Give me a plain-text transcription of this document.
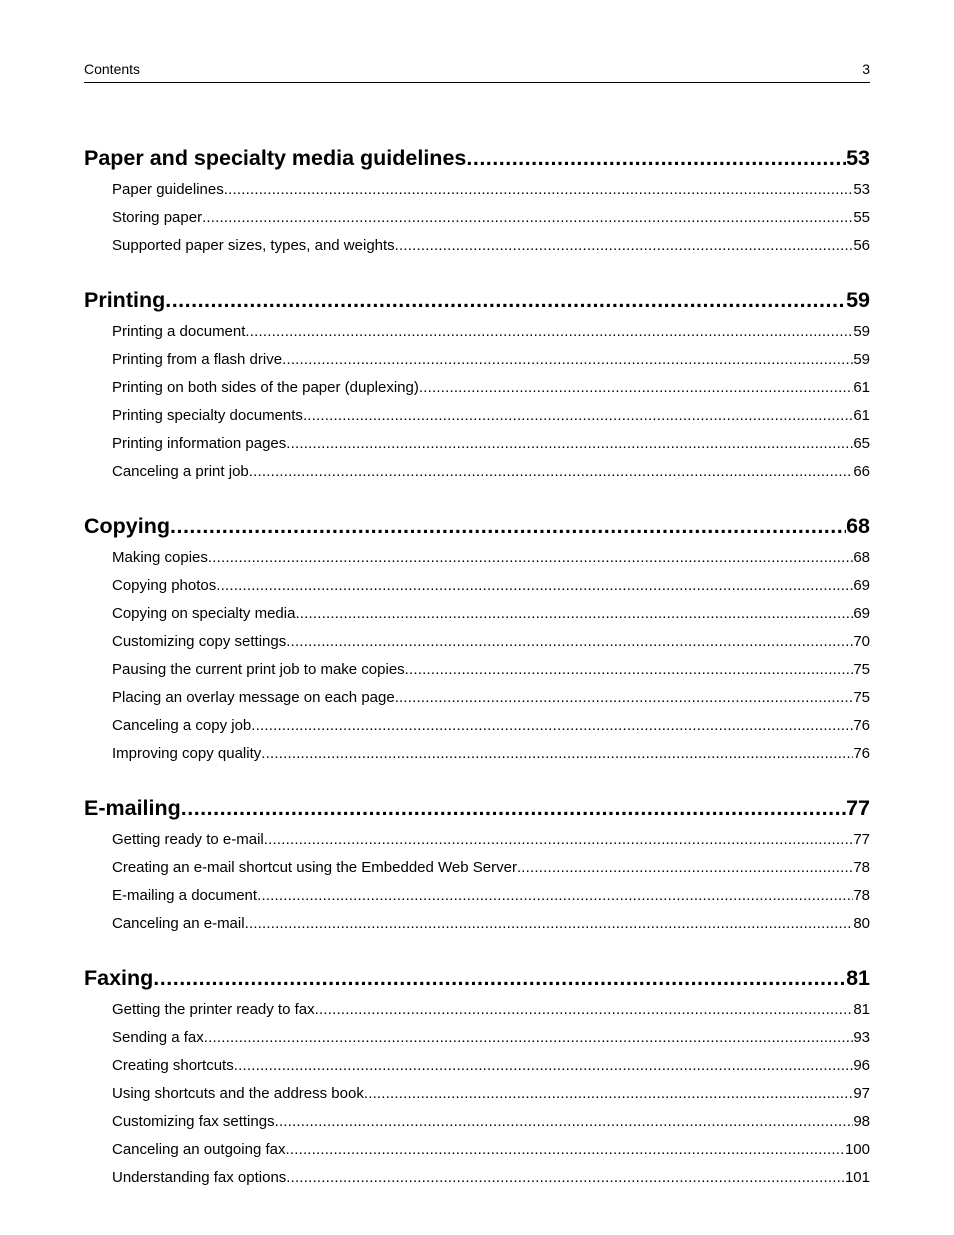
Contents	3
Paper and specialty media guidelines .....	53
Paper guidelines .....	53
Storing paper .....	55
Supported paper sizes, types, and weights .....	56
Printing .....	59
Printing a document .....	59
Printing from a flash drive .....	59
Printing on both sides of the paper (duplexing) .....	61
Printing specialty documents .....	61
Printing information pages .....	65
Canceling a print job .....	66
Copying .....	68
Making copies .....	68
Copying photos .....	69
Copying on specialty media .....	69
Customizing copy settings .....	70
Pausing the current print job to make copies .....	75
Placing an overlay message on each page .....	75
Canceling a copy job .....	76
Improving copy quality .....	76
E-mailing .....	77
Getting ready to e-mail .....	77
Creating an e-mail shortcut using the Embedded Web Server .....	78
E-mailing a document .....	78
Canceling an e-mail .....	80
Faxing .....	81
Getting the printer ready to fax .....	81
Sending a fax .....	93
Creating shortcuts .....	96
Using shortcuts and the address book .....	97
Customizing fax settings .....	98
Canceling an outgoing fax .....	100
Understanding fax options .....	101
